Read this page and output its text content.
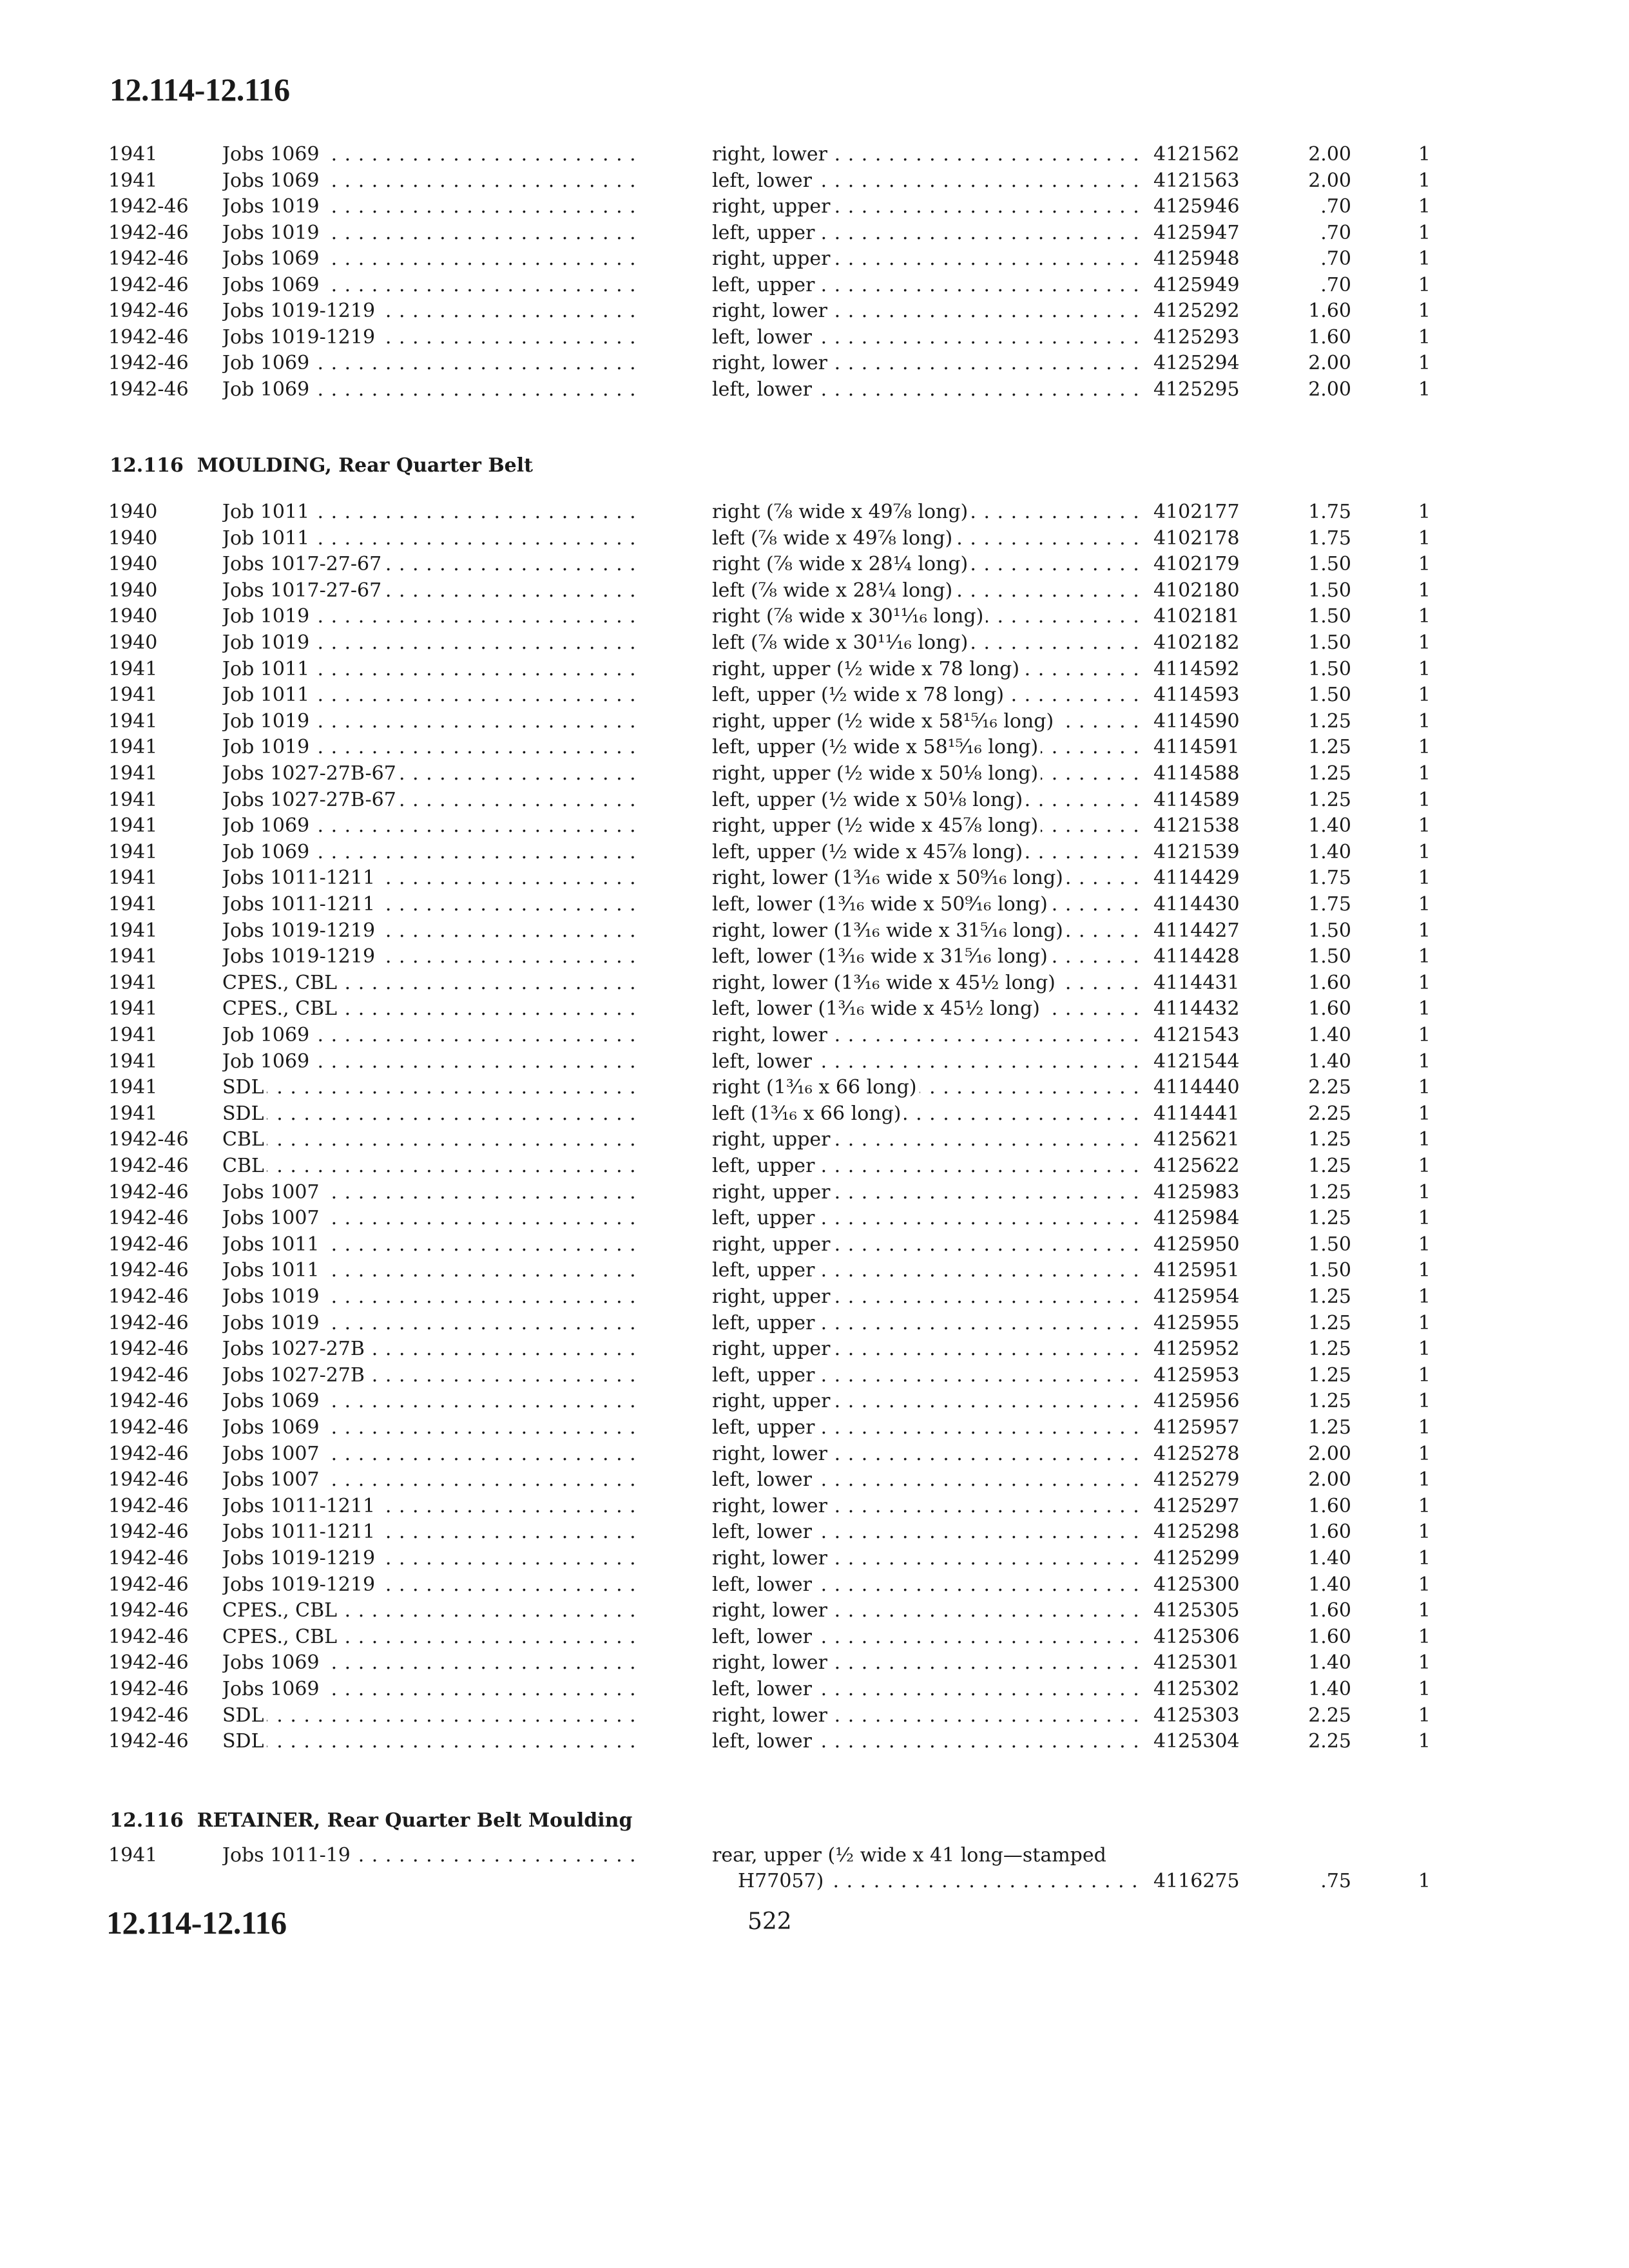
12.114-12.116
1941	Jobs 1069 . . .	right, lower . . .	4121562	2.00	1
1941	Jobs 1069 . . .	left, lower . . .	4121563	2.00	1
1942-46	Jobs 1019 . . .	right, upper . . .	4125946	.70	1
1942-46	Jobs 1019 . . .	left, upper . . .	4125947	.70	1
1942-46	Jobs 1069 . . .	right, upper . . .	4125948	.70	1
1942-46	Jobs 1069 . . .	left, upper . . .	4125949	.70	1
1942-46	Jobs 1019-1219 . . .	right, lower . . .	4125292	1.60	1
1942-46	Jobs 1019-1219 . . .	left, lower . . .	4125293	1.60	1
1942-46	Job 1069 . . .	right, lower . . .	4125294	2.00	1
1942-46	Job 1069 . . .	left, lower . . .	4125295	2.00	1
12.116 MOULDING, Rear Quarter Belt
1940	Job 1011 . . .	right (⅞ wide x 49⅞ long) . . .	4102177	1.75	1
1940	Job 1011 . . .	left (⅞ wide x 49⅞ long) . . .	4102178	1.75	1
1940	Jobs 1017-27-67 . . .	right (⅞ wide x 28¼ long) . . .	4102179	1.50	1
1940	Jobs 1017-27-67 . . .	left (⅞ wide x 28¼ long) . . .	4102180	1.50	1
1940	Job 1019 . . .	right (⅞ wide x 30¹¹⁄₁₆ long) . . .	4102181	1.50	1
1940	Job 1019 . . .	left (⅞ wide x 30¹¹⁄₁₆ long) . . .	4102182	1.50	1
1941	Job 1011 . . .	right, upper (½ wide x 78 long) . . .	4114592	1.50	1
1941	Job 1011 . . .	left, upper (½ wide x 78 long) . . .	4114593	1.50	1
1941	Job 1019 . . .	right, upper (½ wide x 58¹⁵⁄₁₆ long) . . .	4114590	1.25	1
1941	Job 1019 . . .	left, upper (½ wide x 58¹⁵⁄₁₆ long) . . .	4114591	1.25	1
1941	Jobs 1027-27B-67 . . .	right, upper (½ wide x 50⅛ long) . . .	4114588	1.25	1
1941	Jobs 1027-27B-67 . . .	left, upper (½ wide x 50⅛ long) . . .	4114589	1.25	1
1941	Job 1069 . . .	right, upper (½ wide x 45⅞ long) . . .	4121538	1.40	1
1941	Job 1069 . . .	left, upper (½ wide x 45⅞ long) . . .	4121539	1.40	1
1941	Jobs 1011-1211 . . .	right, lower (1³⁄₁₆ wide x 50⁹⁄₁₆ long) . . .	4114429	1.75	1
1941	Jobs 1011-1211 . . .	left, lower (1³⁄₁₆ wide x 50⁹⁄₁₆ long) . . .	4114430	1.75	1
1941	Jobs 1019-1219 . . .	right, lower (1³⁄₁₆ wide x 31⁵⁄₁₆ long) . . .	4114427	1.50	1
1941	Jobs 1019-1219 . . .	left, lower (1³⁄₁₆ wide x 31⁵⁄₁₆ long) . . .	4114428	1.50	1
1941	CPES., CBL . . .	right, lower (1³⁄₁₆ wide x 45½ long) . . .	4114431	1.60	1
1941	CPES., CBL . . .	left, lower (1³⁄₁₆ wide x 45½ long) . . .	4114432	1.60	1
1941	Job 1069 . . .	right, lower . . .	4121543	1.40	1
1941	Job 1069 . . .	left, lower . . .	4121544	1.40	1
1941	SDL . . .	right (1³⁄₁₆ x 66 long) . . .	4114440	2.25	1
1941	SDL . . .	left (1³⁄₁₆ x 66 long) . . .	4114441	2.25	1
1942-46	CBL . . .	right, upper . . .	4125621	1.25	1
1942-46	CBL . . .	left, upper . . .	4125622	1.25	1
1942-46	Jobs 1007 . . .	right, upper . . .	4125983	1.25	1
1942-46	Jobs 1007 . . .	left, upper . . .	4125984	1.25	1
1942-46	Jobs 1011 . . .	right, upper . . .	4125950	1.50	1
1942-46	Jobs 1011 . . .	left, upper . . .	4125951	1.50	1
1942-46	Jobs 1019 . . .	right, upper . . .	4125954	1.25	1
1942-46	Jobs 1019 . . .	left, upper . . .	4125955	1.25	1
1942-46	Jobs 1027-27B . . .	right, upper . . .	4125952	1.25	1
1942-46	Jobs 1027-27B . . .	left, upper . . .	4125953	1.25	1
1942-46	Jobs 1069 . . .	right, upper . . .	4125956	1.25	1
1942-46	Jobs 1069 . . .	left, upper . . .	4125957	1.25	1
1942-46	Jobs 1007 . . .	right, lower . . .	4125278	2.00	1
1942-46	Jobs 1007 . . .	left, lower . . .	4125279	2.00	1
1942-46	Jobs 1011-1211 . . .	right, lower . . .	4125297	1.60	1
1942-46	Jobs 1011-1211 . . .	left, lower . . .	4125298	1.60	1
1942-46	Jobs 1019-1219 . . .	right, lower . . .	4125299	1.40	1
1942-46	Jobs 1019-1219 . . .	left, lower . . .	4125300	1.40	1
1942-46	CPES., CBL . . .	right, lower . . .	4125305	1.60	1
1942-46	CPES., CBL . . .	left, lower . . .	4125306	1.60	1
1942-46	Jobs 1069 . . .	right, lower . . .	4125301	1.40	1
1942-46	Jobs 1069 . . .	left, lower . . .	4125302	1.40	1
1942-46	SDL . . .	right, lower . . .	4125303	2.25	1
1942-46	SDL . . .	left, lower . . .	4125304	2.25	1
12.116 RETAINER, Rear Quarter Belt Moulding
1941	Jobs 1011-19 . . .	rear, upper (½ wide x 41 long—stamped
H77057) . . .	4116275	.75	1
12.114-12.116	522
